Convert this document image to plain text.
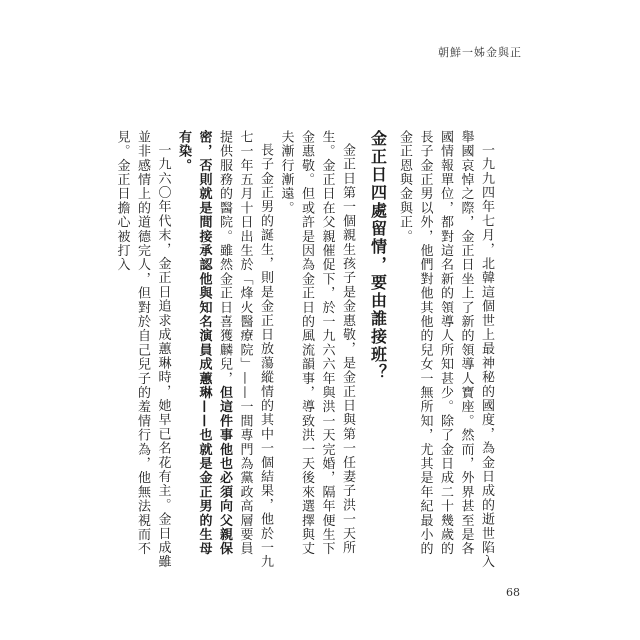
朝鮮一姊金與正

一九九四年七月，北韓這個世上最神秘的國度，為金日成的逝世陷入舉國哀悼之際，金正日坐上了新的領導人寶座。然而，外界甚至是各國情報單位，都對這名新的領導人所知甚少。除了金日成二十幾歲的長子金正男以外，他們對他其他的兒女一無所知，尤其是年紀最小的金正恩與金與正。

金正日四處留情，要由誰接班？

金正日第一個親生孩子是金惠敬，是金正日與第一任妻子洪一天所生。金正日在父親催促下，於一九六六年與洪一天完婚，隔年便生下金惠敬。但或許是因為金正日的風流韻事，導致洪一天後來選擇與丈夫漸行漸遠。

長子金正男的誕生，則是金正日放蕩縱情的其中一個結果，他於一九七一年五月十日出生於「烽火醫療院」——一間專門為黨政高層要員提供服務的醫院。雖然金正日喜獲麟兒，但這件事他也必須向父親保密，否則就是間接承認他與知名演員成蕙琳——也就是金正男的生母有染。

一九六〇年代末，金正日追求成蕙琳時，她早已名花有主。金日成雖並非感情上的道德完人，但對於自己兒子的羞情行為，他無法視而不見。金正日擔心被打入

68
